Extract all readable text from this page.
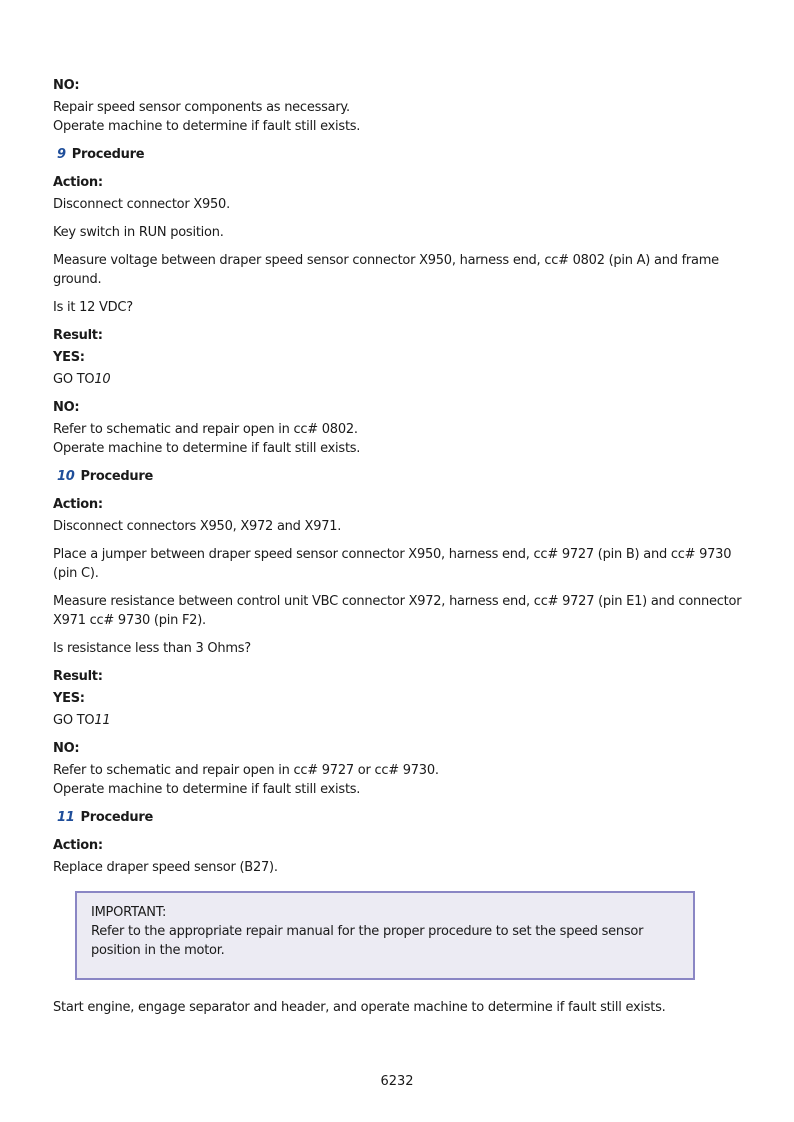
NO:

Repair speed sensor components as necessary.

Operate machine to determine if fault still exists.

9 Procedure
Action:

Disconnect connector X950.

Key switch in RUN position.

Measure voltage between draper speed sensor connector X950, harness end, cc# 0802 (pin A) and frame ground.

Is it 12 VDC?

Result:
YES:

GO TO10

NO:

Refer to schematic and repair open in cc# 0802.

Operate machine to determine if fault still exists.

10 Procedure
Action:

Disconnect connectors X950, X972 and X971.

Place a jumper between draper speed sensor connector X950, harness end, cc# 9727 (pin B) and cc# 9730 (pin C).

Measure resistance between control unit VBC connector X972, harness end, cc# 9727 (pin E1) and connector X971 cc# 9730 (pin F2).

Is resistance less than 3 Ohms?

Result:
YES:

GO TO11

NO:

Refer to schematic and repair open in cc# 9727 or cc# 9730.

Operate machine to determine if fault still exists.

11 Procedure
Action:

Replace draper speed sensor (B27).

IMPORTANT:

Refer to the appropriate repair manual for the proper procedure to set the speed sensor position in the motor.

Start engine, engage separator and header, and operate machine to determine if fault still exists.

6232
